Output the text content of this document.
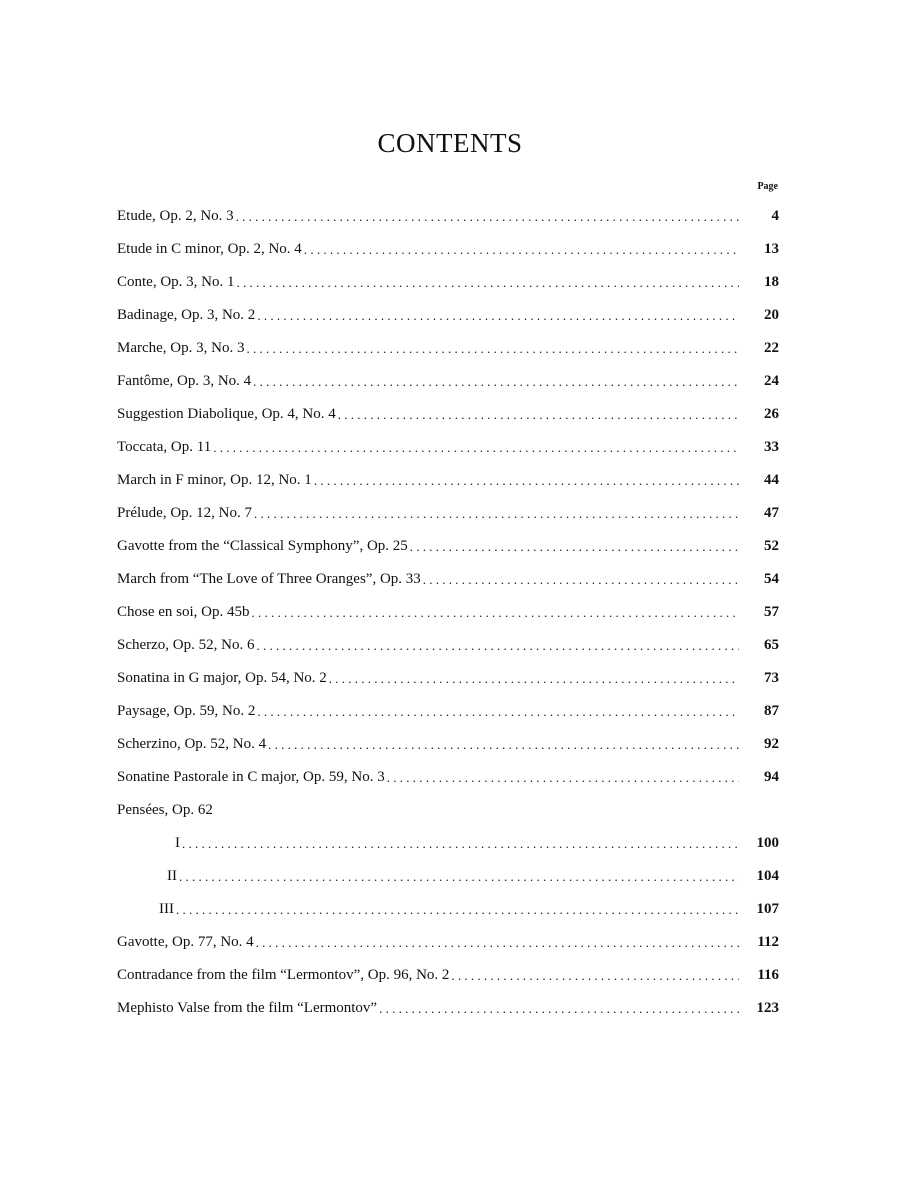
CONTENTS
Page
Etude, Op. 2, No. 3 . . .	4
Etude in C minor, Op. 2, No. 4 . . .	13
Conte, Op. 3, No. 1 . . .	18
Badinage, Op. 3, No. 2 . . .	20
Marche, Op. 3, No. 3 . . .	22
Fantôme, Op. 3, No. 4 . . .	24
Suggestion Diabolique, Op. 4, No. 4 . . .	26
Toccata, Op. 11 . . .	33
March in F minor, Op. 12, No. 1 . . .	44
Prélude, Op. 12, No. 7 . . .	47
Gavotte from the “Classical Symphony”, Op. 25 . . .	52
March from “The Love of Three Oranges”, Op. 33 . . .	54
Chose en soi, Op. 45b . . .	57
Scherzo, Op. 52, No. 6 . . .	65
Sonatina in G major, Op. 54, No. 2 . . .	73
Paysage, Op. 59, No. 2 . . .	87
Scherzino, Op. 52, No. 4 . . .	92
Sonatine Pastorale in C major, Op. 59, No. 3 . . .	94
Pensées, Op. 62
I . . .	100
II . . .	104
III . . .	107
Gavotte, Op. 77, No. 4 . . .	112
Contradance from the film “Lermontov”, Op. 96, No. 2 . . .	116
Mephisto Valse from the film “Lermontov” . . .	123
